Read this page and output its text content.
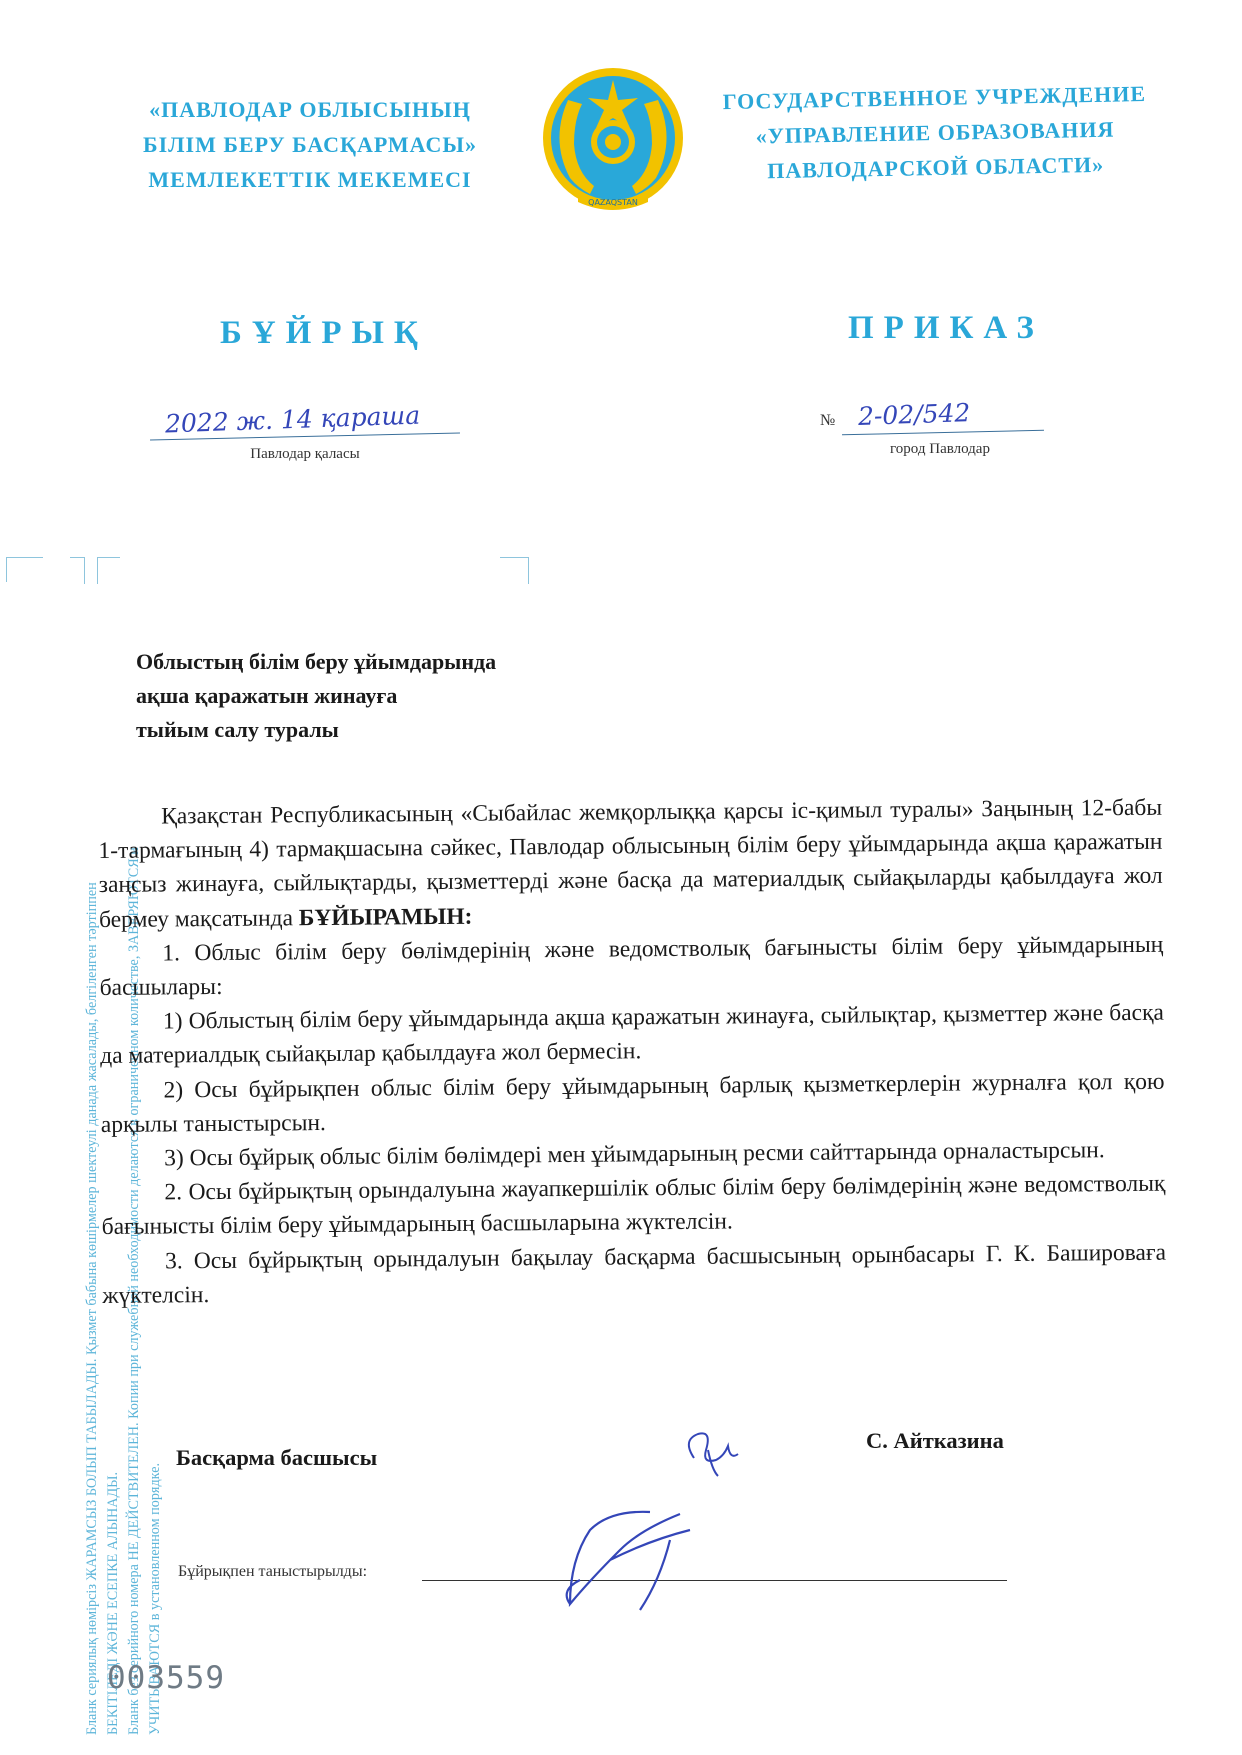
«ПАВЛОДАР ОБЛЫСЫНЫҢ
БІЛІМ БЕРУ БАСҚАРМАСЫ»
МЕМЛЕКЕТТІК МЕКЕМЕСІ
QAZAQSTAN
ГОСУДАРСТВЕННОЕ УЧРЕЖДЕНИЕ
«УПРАВЛЕНИЕ ОБРАЗОВАНИЯ
ПАВЛОДАРСКОЙ ОБЛАСТИ»
БҰЙРЫҚ	ПРИКАЗ
2022 ж. 14 қараша
Павлодар қаласы
№ 2-02/542
город Павлодар
Бланк сериялық нөмірсіз ЖАРАМСЫЗ БОЛЫП ТАБЫЛАДЫ. Қызмет бабына көшірмелер шектеулі данада жасалады, белгіленген тәртіппен БЕКІТІЛЕДІ ЖӘНЕ ЕСЕПКЕ АЛЫНАДЫ. Бланк без серийного номера НЕ ДЕЙСТВИТЕЛЕН. Копии при служебной необходимости делаются в ограниченном количестве, ЗАВЕРЯЮТСЯ и УЧИТЫВАЮТСЯ в установленном порядке.
Облыстың білім беру ұйымдарында
ақша қаражатын жинауға
тыйым салу туралы

Қазақстан Республикасының «Сыбайлас жемқорлыққа қарсы іс-қимыл туралы» Заңының 12-бабы 1-тармағының 4) тармақшасына сәйкес, Павлодар облысының білім беру ұйымдарында ақша қаражатын заңсыз жинауға, сыйлықтарды, қызметтерді және басқа да материалдық сыйақыларды қабылдауға жол бермеу мақсатында БҰЙЫРАМЫН:

1. Облыс білім беру бөлімдерінің және ведомстволық бағынысты білім беру ұйымдарының басшылары:

1) Облыстың білім беру ұйымдарында ақша қаражатын жинауға, сыйлықтар, қызметтер және басқа да материалдық сыйақылар қабылдауға жол бермесін.

2) Осы бұйрықпен облыс білім беру ұйымдарының барлық қызметкерлерін журналға қол қою арқылы таныстырсын.

3) Осы бұйрық облыс білім бөлімдері мен ұйымдарының ресми сайттарында орналастырсын.

2. Осы бұйрықтың орындалуына жауапкершілік облыс білім беру бөлімдерінің және ведомстволық бағынысты білім беру ұйымдарының басшыларына жүктелсін.

3. Осы бұйрықтың орындалуын бақылау басқарма басшысының орынбасары Г. К. Башироваға жүктелсін.

Басқарма басшысы
С. Айтказина
Бұйрықпен таныстырылды:
003559
